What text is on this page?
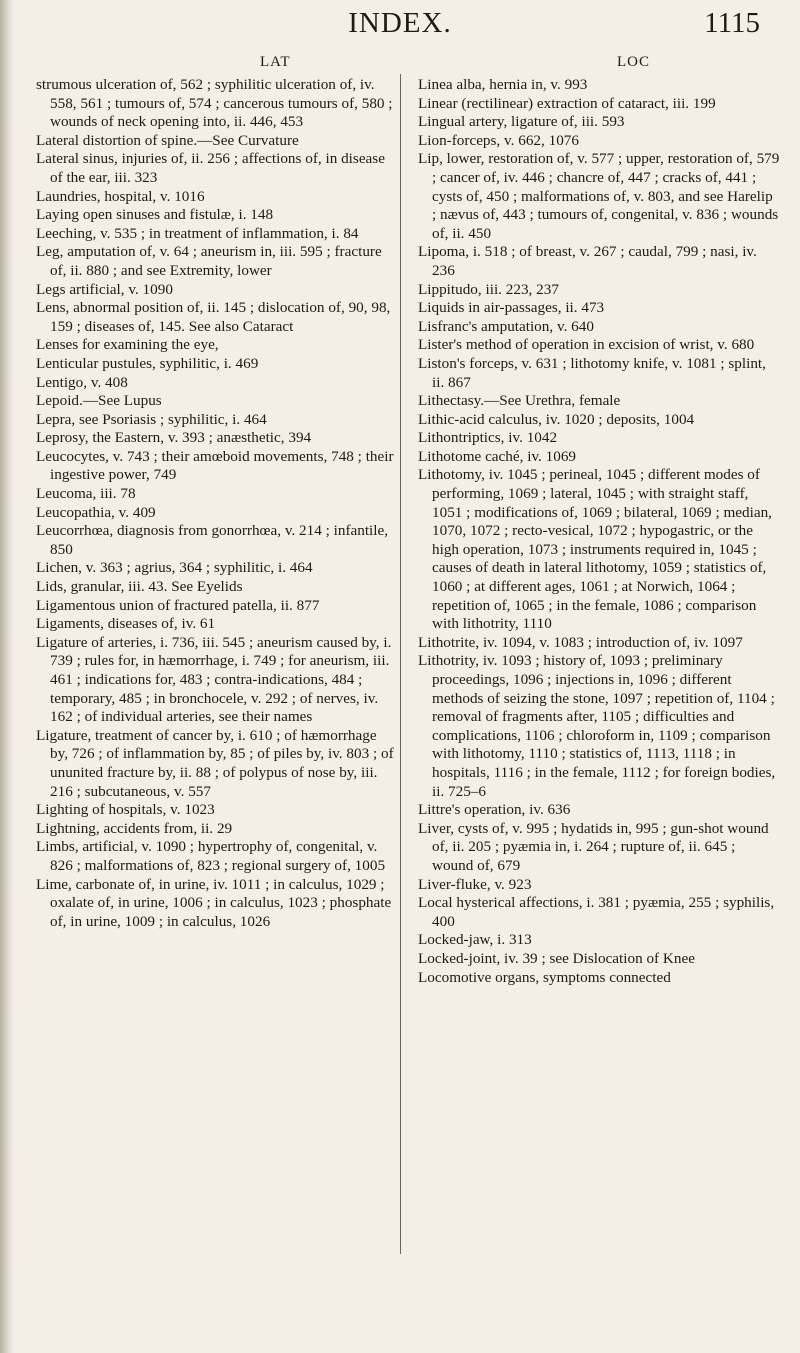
INDEX.	1115
LAT	LOC

strumous ulceration of, 562 ; syphilitic ulceration of, iv. 558, 561 ; tumours of, 574 ; cancerous tumours of, 580 ; wounds of neck opening into, ii. 446, 453

Lateral distortion of spine.—See Curvature

Lateral sinus, injuries of, ii. 256 ; affections of, in disease of the ear, iii. 323

Laundries, hospital, v. 1016

Laying open sinuses and fistulæ, i. 148

Leeching, v. 535 ; in treatment of inflammation, i. 84

Leg, amputation of, v. 64 ; aneurism in, iii. 595 ; fracture of, ii. 880 ; and see Extremity, lower

Legs artificial, v. 1090

Lens, abnormal position of, ii. 145 ; dislocation of, 90, 98, 159 ; diseases of, 145. See also Cataract

Lenses for examining the eye,

Lenticular pustules, syphilitic, i. 469

Lentigo, v. 408

Lepoid.—See Lupus

Lepra, see Psoriasis ; syphilitic, i. 464

Leprosy, the Eastern, v. 393 ; anæsthetic, 394

Leucocytes, v. 743 ; their amœboid movements, 748 ; their ingestive power, 749

Leucoma, iii. 78

Leucopathia, v. 409

Leucorrhœa, diagnosis from gonorrhœa, v. 214 ; infantile, 850

Lichen, v. 363 ; agrius, 364 ; syphilitic, i. 464

Lids, granular, iii. 43. See Eyelids

Ligamentous union of fractured patella, ii. 877

Ligaments, diseases of, iv. 61

Ligature of arteries, i. 736, iii. 545 ; aneurism caused by, i. 739 ; rules for, in hæmorrhage, i. 749 ; for aneurism, iii. 461 ; indications for, 483 ; contra-indications, 484 ; temporary, 485 ; in bronchocele, v. 292 ; of nerves, iv. 162 ; of individual arteries, see their names

Ligature, treatment of cancer by, i. 610 ; of hæmorrhage by, 726 ; of inflammation by, 85 ; of piles by, iv. 803 ; of ununited fracture by, ii. 88 ; of polypus of nose by, iii. 216 ; subcutaneous, v. 557

Lighting of hospitals, v. 1023

Lightning, accidents from, ii. 29

Limbs, artificial, v. 1090 ; hypertrophy of, congenital, v. 826 ; malformations of, 823 ; regional surgery of, 1005

Lime, carbonate of, in urine, iv. 1011 ; in calculus, 1029 ; oxalate of, in urine, 1006 ; in calculus, 1023 ; phosphate of, in urine, 1009 ; in calculus, 1026

Linea alba, hernia in, v. 993

Linear (rectilinear) extraction of cataract, iii. 199

Lingual artery, ligature of, iii. 593

Lion-forceps, v. 662, 1076

Lip, lower, restoration of, v. 577 ; upper, restoration of, 579 ; cancer of, iv. 446 ; chancre of, 447 ; cracks of, 441 ; cysts of, 450 ; malformations of, v. 803, and see Harelip ; nævus of, 443 ; tumours of, congenital, v. 836 ; wounds of, ii. 450

Lipoma, i. 518 ; of breast, v. 267 ; caudal, 799 ; nasi, iv. 236

Lippitudo, iii. 223, 237

Liquids in air-passages, ii. 473

Lisfranc's amputation, v. 640

Lister's method of operation in excision of wrist, v. 680

Liston's forceps, v. 631 ; lithotomy knife, v. 1081 ; splint, ii. 867

Lithectasy.—See Urethra, female

Lithic-acid calculus, iv. 1020 ; deposits, 1004

Lithontriptics, iv. 1042

Lithotome caché, iv. 1069

Lithotomy, iv. 1045 ; perineal, 1045 ; different modes of performing, 1069 ; lateral, 1045 ; with straight staff, 1051 ; modifications of, 1069 ; bilateral, 1069 ; median, 1070, 1072 ; recto-vesical, 1072 ; hypogastric, or the high operation, 1073 ; instruments required in, 1045 ; causes of death in lateral lithotomy, 1059 ; statistics of, 1060 ; at different ages, 1061 ; at Norwich, 1064 ; repetition of, 1065 ; in the female, 1086 ; comparison with lithotrity, 1110

Lithotrite, iv. 1094, v. 1083 ; introduction of, iv. 1097

Lithotrity, iv. 1093 ; history of, 1093 ; preliminary proceedings, 1096 ; injections in, 1096 ; different methods of seizing the stone, 1097 ; repetition of, 1104 ; removal of fragments after, 1105 ; difficulties and complications, 1106 ; chloroform in, 1109 ; comparison with lithotomy, 1110 ; statistics of, 1113, 1118 ; in hospitals, 1116 ; in the female, 1112 ; for foreign bodies, ii. 725–6

Littre's operation, iv. 636

Liver, cysts of, v. 995 ; hydatids in, 995 ; gun-shot wound of, ii. 205 ; pyæmia in, i. 264 ; rupture of, ii. 645 ; wound of, 679

Liver-fluke, v. 923

Local hysterical affections, i. 381 ; pyæmia, 255 ; syphilis, 400

Locked-jaw, i. 313

Locked-joint, iv. 39 ; see Dislocation of Knee

Locomotive organs, symptoms connected
